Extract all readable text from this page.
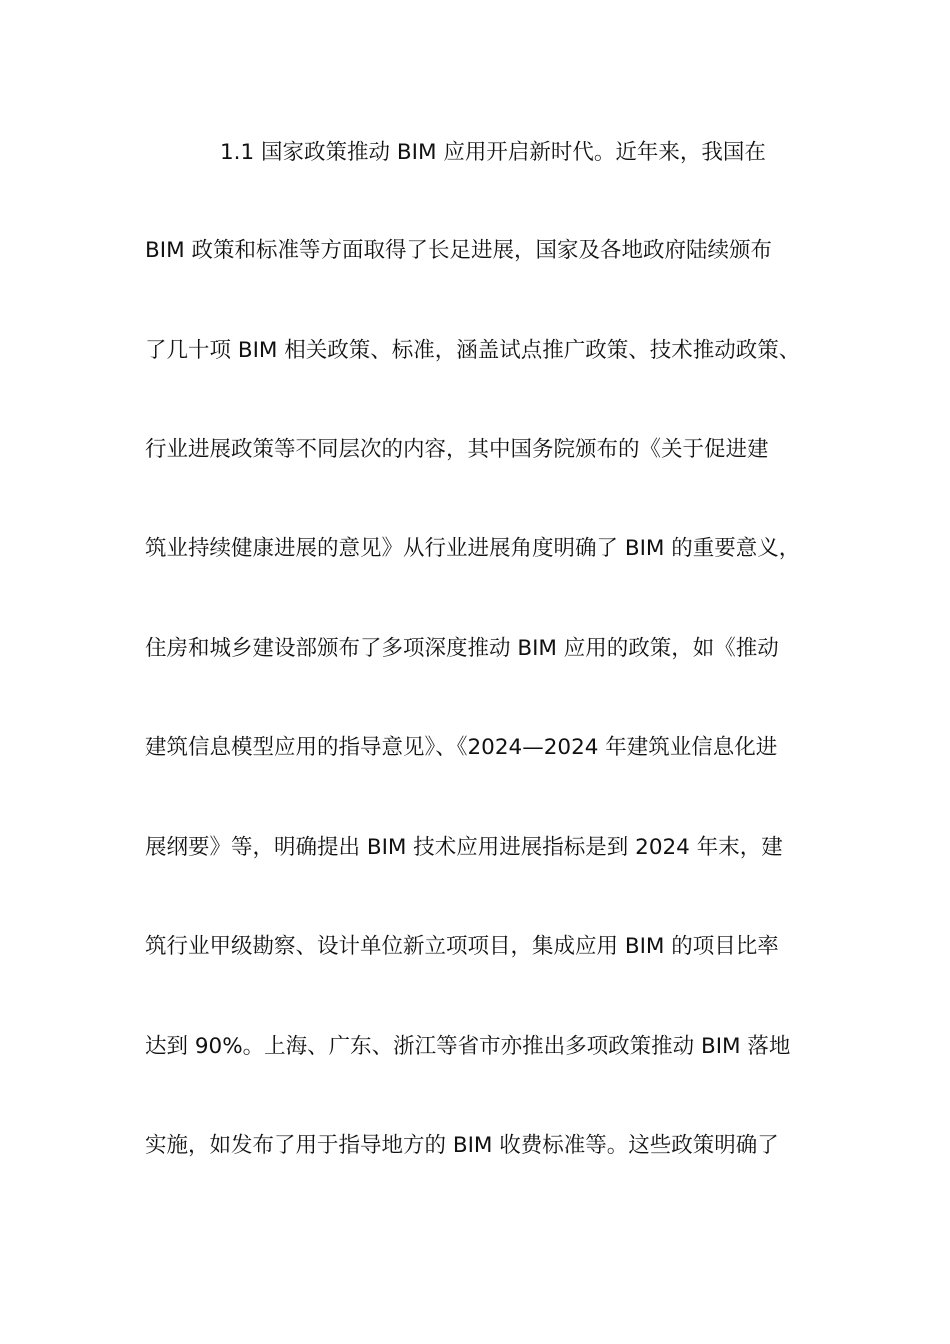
1.1 国家政策推动 BIM 应用开启新时代。近年来，我国在
BIM 政策和标准等方面取得了长足进展，国家及各地政府陆续颁布
了几十项 BIM 相关政策、标准，涵盖试点推广政策、技术推动政策、
行业进展政策等不同层次的内容，其中国务院颁布的《关于促进建
筑业持续健康进展的意见》从行业进展角度明确了 BIM 的重要意义，
住房和城乡建设部颁布了多项深度推动 BIM 应用的政策，如《推动
建筑信息模型应用的指导意见》、《2024—2024 年建筑业信息化进
展纲要》等，明确提出 BIM 技术应用进展指标是到 2024 年末，建
筑行业甲级勘察、设计单位新立项项目，集成应用 BIM 的项目比率
达到 90%。上海、广东、浙江等省市亦推出多项政策推动 BIM 落地
实施，如发布了用于指导地方的 BIM 收费标准等。这些政策明确了
